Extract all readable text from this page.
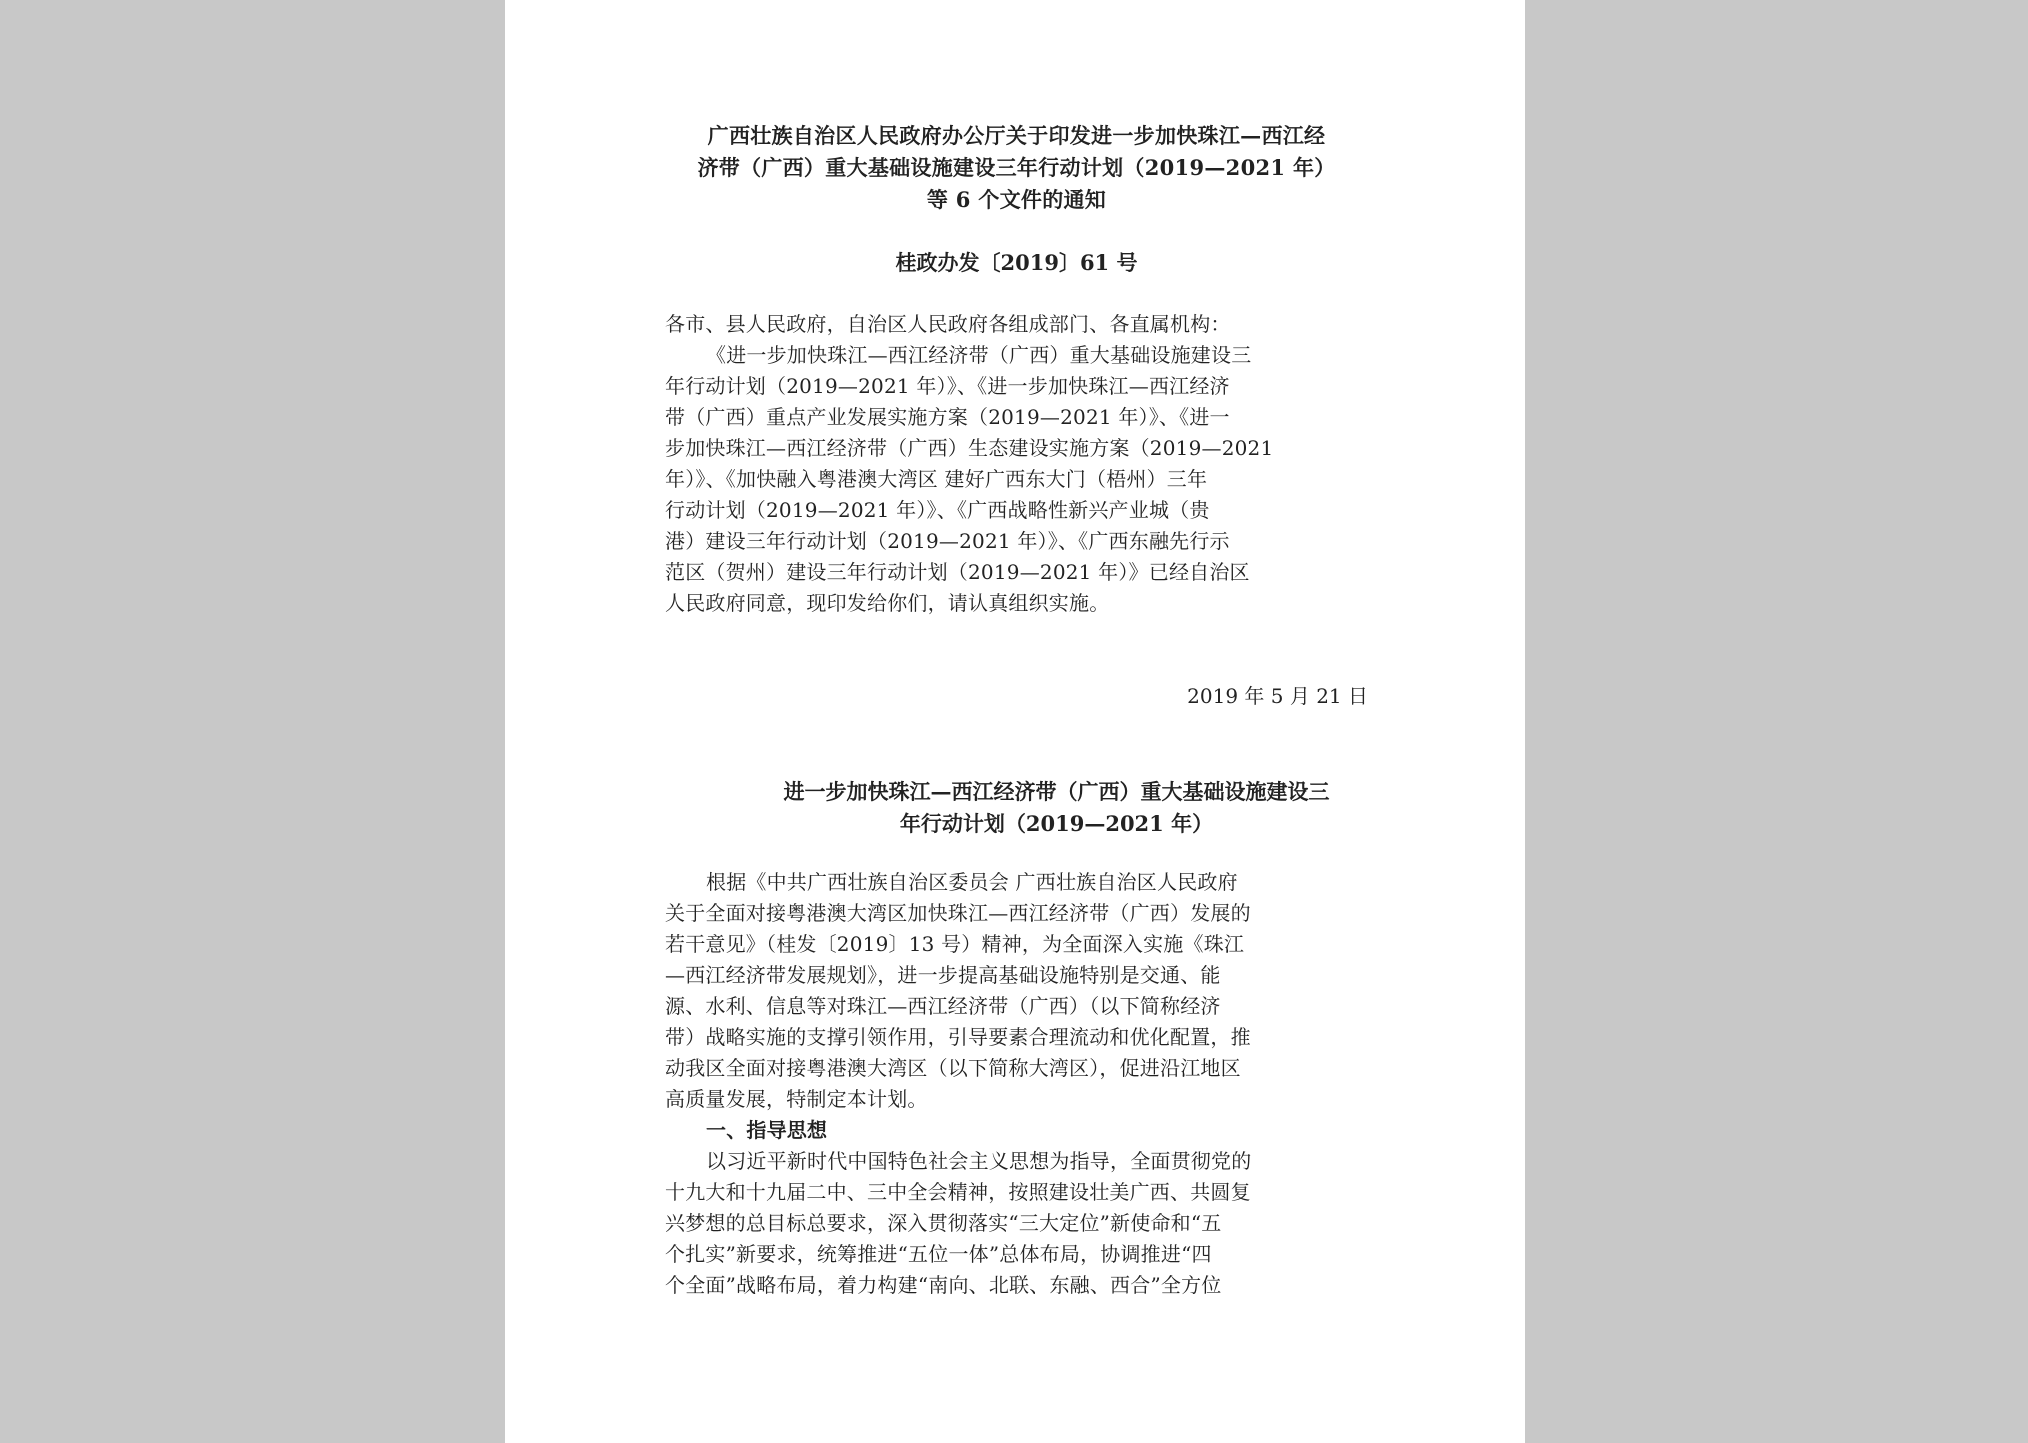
广西壮族自治区人民政府办公厅关于印发进一步加快珠江—西江经
济带（广西）重大基础设施建设三年行动计划（2019—2021 年）
等 6 个文件的通知
桂政办发〔2019〕61 号
各市、县人民政府，自治区人民政府各组成部门、各直属机构：
《进一步加快珠江—西江经济带（广西）重大基础设施建设三
年行动计划（2019—2021 年）》、《进一步加快珠江—西江经济
带（广西）重点产业发展实施方案（2019—2021 年）》、《进一
步加快珠江—西江经济带（广西）生态建设实施方案（2019—2021
年）》、《加快融入粤港澳大湾区 建好广西东大门（梧州）三年
行动计划（2019—2021 年）》、《广西战略性新兴产业城（贵
港）建设三年行动计划（2019—2021 年）》、《广西东融先行示
范区（贺州）建设三年行动计划（2019—2021 年）》已经自治区
人民政府同意，现印发给你们，请认真组织实施。
2019 年 5 月 21 日
进一步加快珠江—西江经济带（广西）重大基础设施建设三
年行动计划（2019—2021 年）
根据《中共广西壮族自治区委员会 广西壮族自治区人民政府
关于全面对接粤港澳大湾区加快珠江—西江经济带（广西）发展的
若干意见》（桂发〔2019〕13 号）精神，为全面深入实施《珠江
—西江经济带发展规划》，进一步提高基础设施特别是交通、能
源、水利、信息等对珠江—西江经济带（广西）（以下简称经济
带）战略实施的支撑引领作用，引导要素合理流动和优化配置，推
动我区全面对接粤港澳大湾区（以下简称大湾区），促进沿江地区
高质量发展，特制定本计划。
一、指导思想
以习近平新时代中国特色社会主义思想为指导，全面贯彻党的
十九大和十九届二中、三中全会精神，按照建设壮美广西、共圆复
兴梦想的总目标总要求，深入贯彻落实“三大定位”新使命和“五
个扎实”新要求，统筹推进“五位一体”总体布局，协调推进“四
个全面”战略布局，着力构建“南向、北联、东融、西合”全方位
